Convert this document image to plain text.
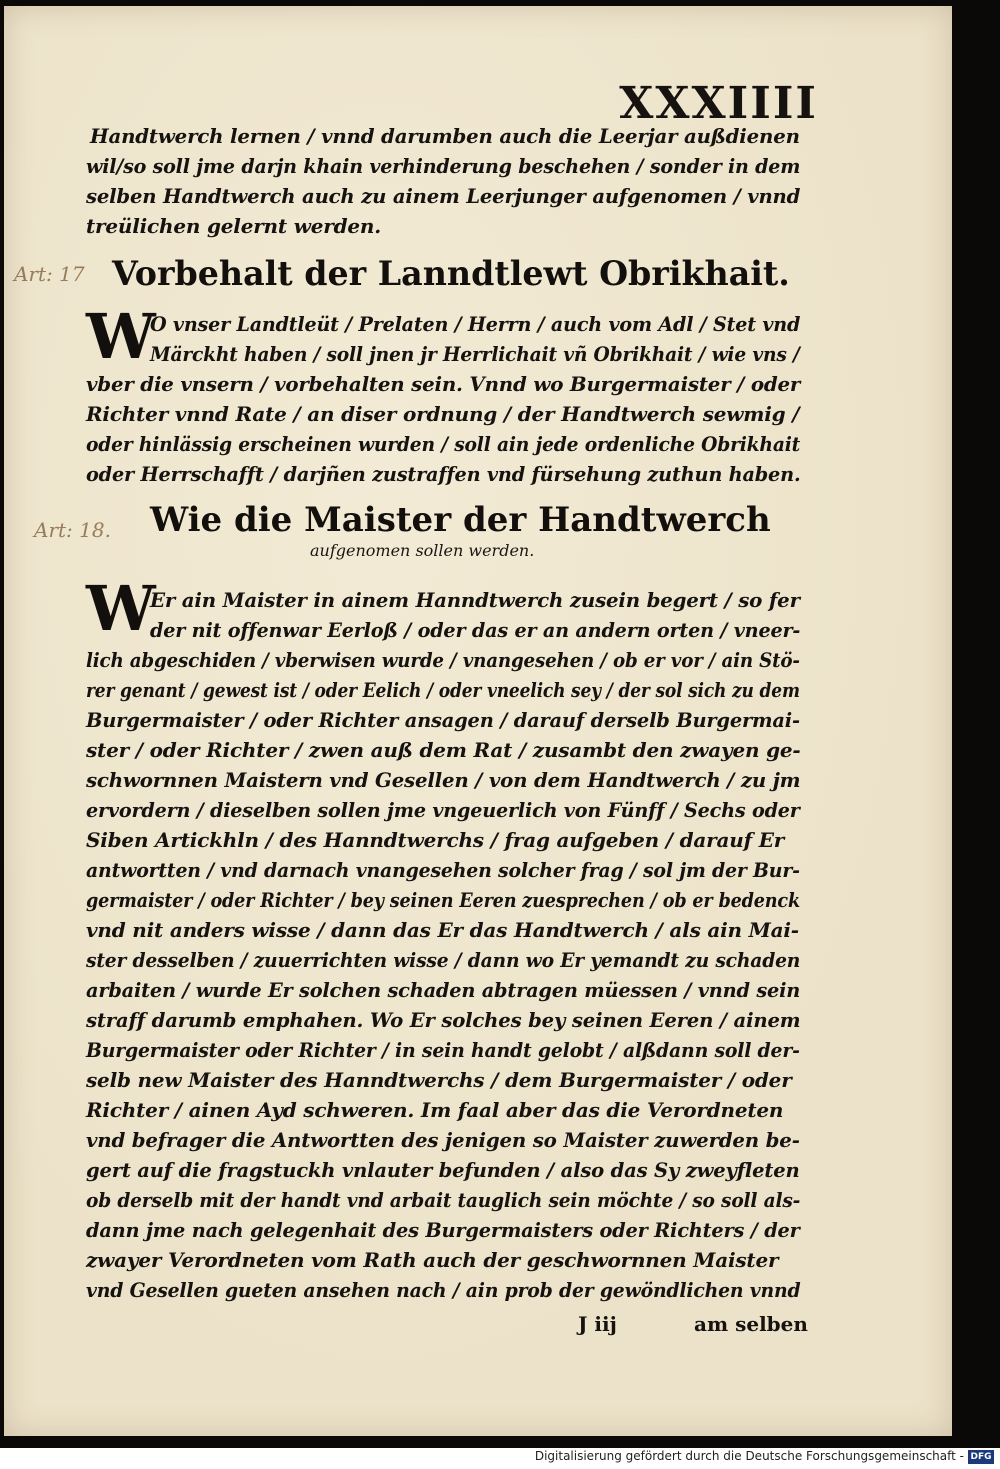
XXXIIII
Handtwerch lernen / vnnd darumben auch die Leerjar außdienen
wil/so soll jme darjn khain verhinderung beschehen / sonder in dem
selben Handtwerch auch zu ainem Leerjunger aufgenomen / vnnd
treülichen gelernt werden.
Art: 17 Vorbehalt der Lanndtlewt Obrikhait.
W
O vnser Landtleüt / Prelaten / Herrn / auch vom Adl / Stet vnd
Märckht haben / soll jnen jr Herrlichait vñ Obrikhait / wie vns /
vber die vnsern / vorbehalten sein. Vnnd wo Burgermaister / oder
Richter vnnd Rate / an diser ordnung / der Handtwerch sewmig /
oder hinlässig erscheinen wurden / soll ain jede ordenliche Obrikhait
oder Herrschafft / darjñen zustraffen vnd fürsehung zuthun haben.
Art: 18. Wie die Maister der Handtwerch
aufgenomen sollen werden.
W
Er ain Maister in ainem Hanndtwerch zusein begert / so fer
der nit offenwar Eerloß / oder das er an andern orten / vneer-
lich abgeschiden / vberwisen wurde / vnangesehen / ob er vor / ain Stö-
rer genant / gewest ist / oder Eelich / oder vneelich sey / der sol sich zu dem
Burgermaister / oder Richter ansagen / darauf derselb Burgermai-
ster / oder Richter / zwen auß dem Rat / zusambt den zwayen ge-
schwornnen Maistern vnd Gesellen / von dem Handtwerch / zu jm
ervordern / dieselben sollen jme vngeuerlich von Fünff / Sechs oder
Siben Artickhln / des Hanndtwerchs / frag aufgeben / darauf Er
antwortten / vnd darnach vnangesehen solcher frag / sol jm der Bur-
germaister / oder Richter / bey seinen Eeren zuesprechen / ob er bedenck
vnd nit anders wisse / dann das Er das Handtwerch / als ain Mai-
ster desselben / zuuerrichten wisse / dann wo Er yemandt zu schaden
arbaiten / wurde Er solchen schaden abtragen müessen / vnnd sein
straff darumb emphahen. Wo Er solches bey seinen Eeren / ainem
Burgermaister oder Richter / in sein handt gelobt / alßdann soll der-
selb new Maister des Hanndtwerchs / dem Burgermaister / oder
Richter / ainen Ayd schweren. Im faal aber das die Verordneten
vnd befrager die Antwortten des jenigen so Maister zuwerden be-
gert auf die fragstuckh vnlauter befunden / also das Sy zweyfleten
ob derselb mit der handt vnd arbait tauglich sein möchte / so soll als-
dann jme nach gelegenhait des Burgermaisters oder Richters / der
zwayer Verordneten vom Rath auch der geschwornnen Maister
vnd Gesellen gueten ansehen nach / ain prob der gewöndlichen vnnd
J iij	am selben
Digitalisierung gefördert durch die Deutsche Forschungsgemeinschaft - DFG
